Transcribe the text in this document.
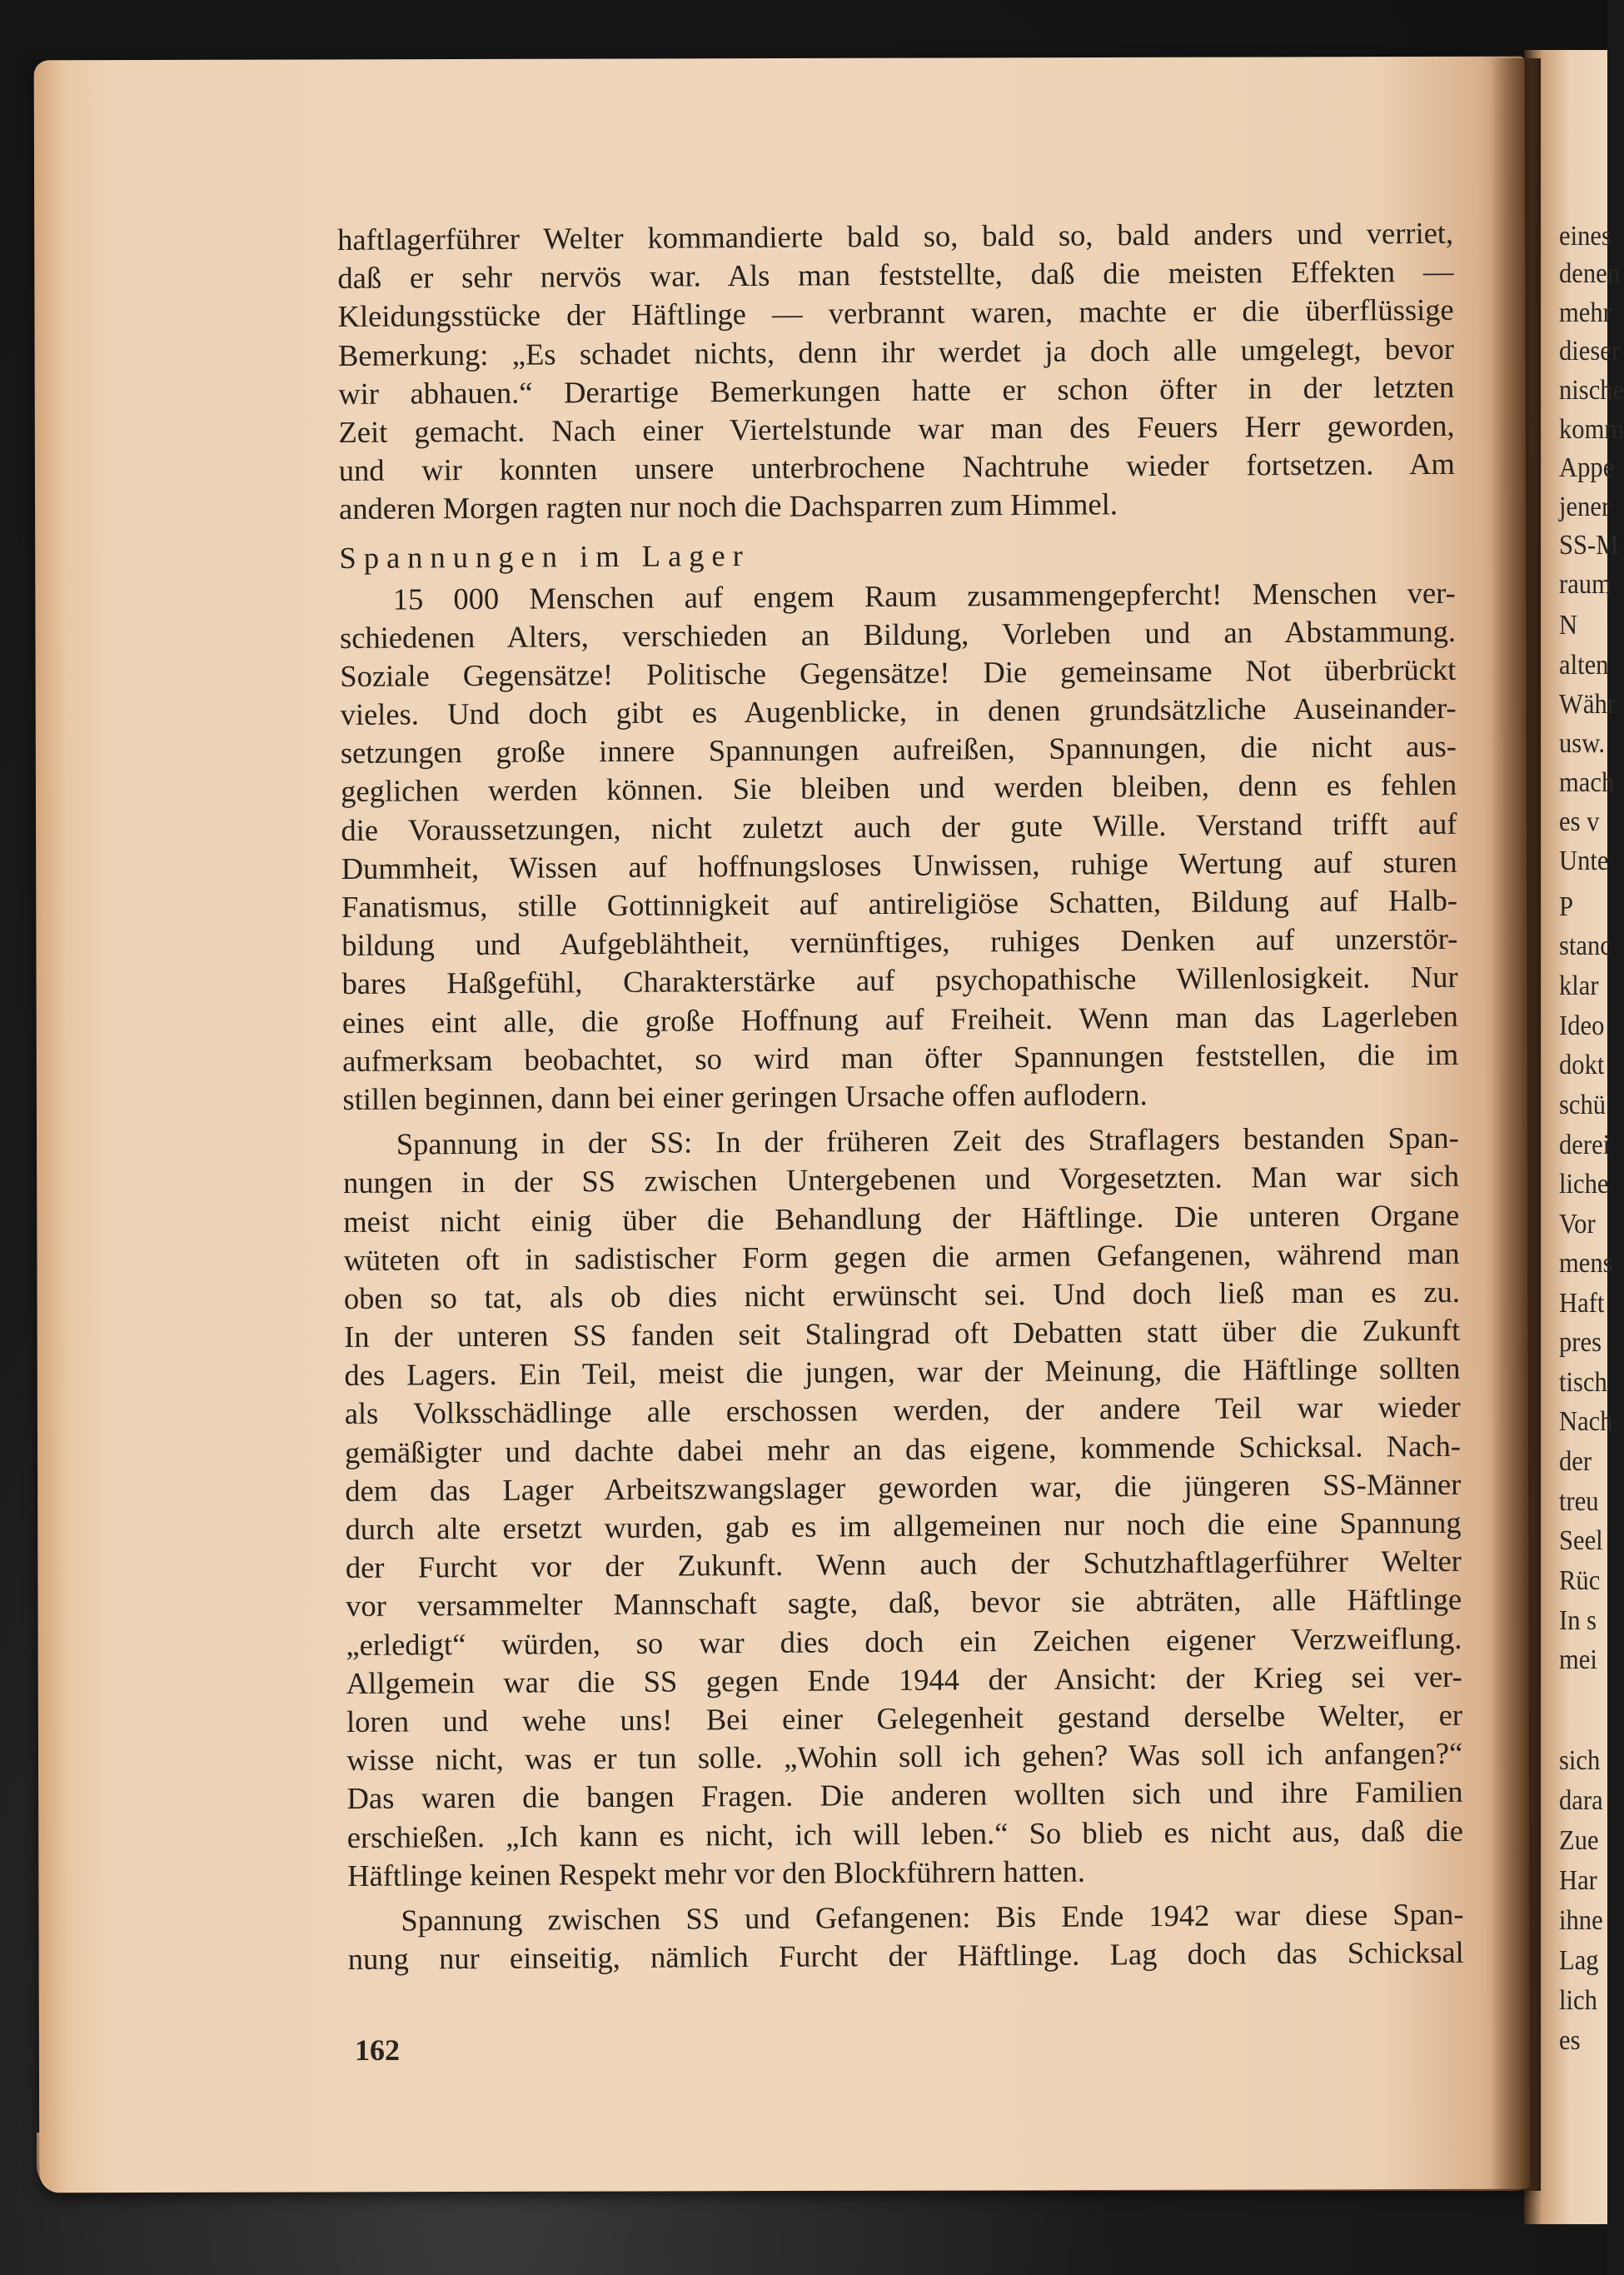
eines
denen
mehr
dieser
nische
komm
Appe
jener
SS-M
raum
N
alten
Währ
usw.
mach
es v
Unte
P
stanc
klar
Ideo
dokt
schü
derei
liche
Vor
mens
Haft
pres
tisch
Nach
der
treu
Seel
Rüc
In s
mei
sich
dara
Zue
Har
ihne
Lag
lich
es
haftlagerführer Welter kommandierte bald so, bald so, bald anders und verriet,
daß er sehr nervös war. Als man feststellte, daß die meisten Effekten —
Kleidungsstücke der Häftlinge — verbrannt waren, machte er die überflüssige
Bemerkung: „Es schadet nichts, denn ihr werdet ja doch alle umgelegt, bevor
wir abhauen.“ Derartige Bemerkungen hatte er schon öfter in der letzten
Zeit gemacht. Nach einer Viertelstunde war man des Feuers Herr geworden,
und wir konnten unsere unterbrochene Nachtruhe wieder fortsetzen. Am
anderen Morgen ragten nur noch die Dachsparren zum Himmel.
Spannungen im Lager
15 000 Menschen auf engem Raum zusammengepfercht! Menschen ver-
schiedenen Alters, verschieden an Bildung, Vorleben und an Abstammung.
Soziale Gegensätze! Politische Gegensätze! Die gemeinsame Not überbrückt
vieles. Und doch gibt es Augenblicke, in denen grundsätzliche Auseinander-
setzungen große innere Spannungen aufreißen, Spannungen, die nicht aus-
geglichen werden können. Sie bleiben und werden bleiben, denn es fehlen
die Voraussetzungen, nicht zuletzt auch der gute Wille. Verstand trifft auf
Dummheit, Wissen auf hoffnungsloses Unwissen, ruhige Wertung auf sturen
Fanatismus, stille Gottinnigkeit auf antireligiöse Schatten, Bildung auf Halb-
bildung und Aufgeblähtheit, vernünftiges, ruhiges Denken auf unzerstör-
bares Haßgefühl, Charakterstärke auf psychopathische Willenlosigkeit. Nur
eines eint alle, die große Hoffnung auf Freiheit. Wenn man das Lagerleben
aufmerksam beobachtet, so wird man öfter Spannungen feststellen, die im
stillen beginnen, dann bei einer geringen Ursache offen auflodern.
Spannung in der SS: In der früheren Zeit des Straflagers bestanden Span-
nungen in der SS zwischen Untergebenen und Vorgesetzten. Man war sich
meist nicht einig über die Behandlung der Häftlinge. Die unteren Organe
wüteten oft in sadistischer Form gegen die armen Gefangenen, während man
oben so tat, als ob dies nicht erwünscht sei. Und doch ließ man es zu.
In der unteren SS fanden seit Stalingrad oft Debatten statt über die Zukunft
des Lagers. Ein Teil, meist die jungen, war der Meinung, die Häftlinge sollten
als Volksschädlinge alle erschossen werden, der andere Teil war wieder
gemäßigter und dachte dabei mehr an das eigene, kommende Schicksal. Nach-
dem das Lager Arbeitszwangslager geworden war, die jüngeren SS-Männer
durch alte ersetzt wurden, gab es im allgemeinen nur noch die eine Spannung
der Furcht vor der Zukunft. Wenn auch der Schutzhaftlagerführer Welter
vor versammelter Mannschaft sagte, daß, bevor sie abträten, alle Häftlinge
„erledigt“ würden, so war dies doch ein Zeichen eigener Verzweiflung.
Allgemein war die SS gegen Ende 1944 der Ansicht: der Krieg sei ver-
loren und wehe uns! Bei einer Gelegenheit gestand derselbe Welter, er
wisse nicht, was er tun solle. „Wohin soll ich gehen? Was soll ich anfangen?“
Das waren die bangen Fragen. Die anderen wollten sich und ihre Familien
erschießen. „Ich kann es nicht, ich will leben.“ So blieb es nicht aus, daß die
Häftlinge keinen Respekt mehr vor den Blockführern hatten.
Spannung zwischen SS und Gefangenen: Bis Ende 1942 war diese Span-
nung nur einseitig, nämlich Furcht der Häftlinge. Lag doch das Schicksal
162
